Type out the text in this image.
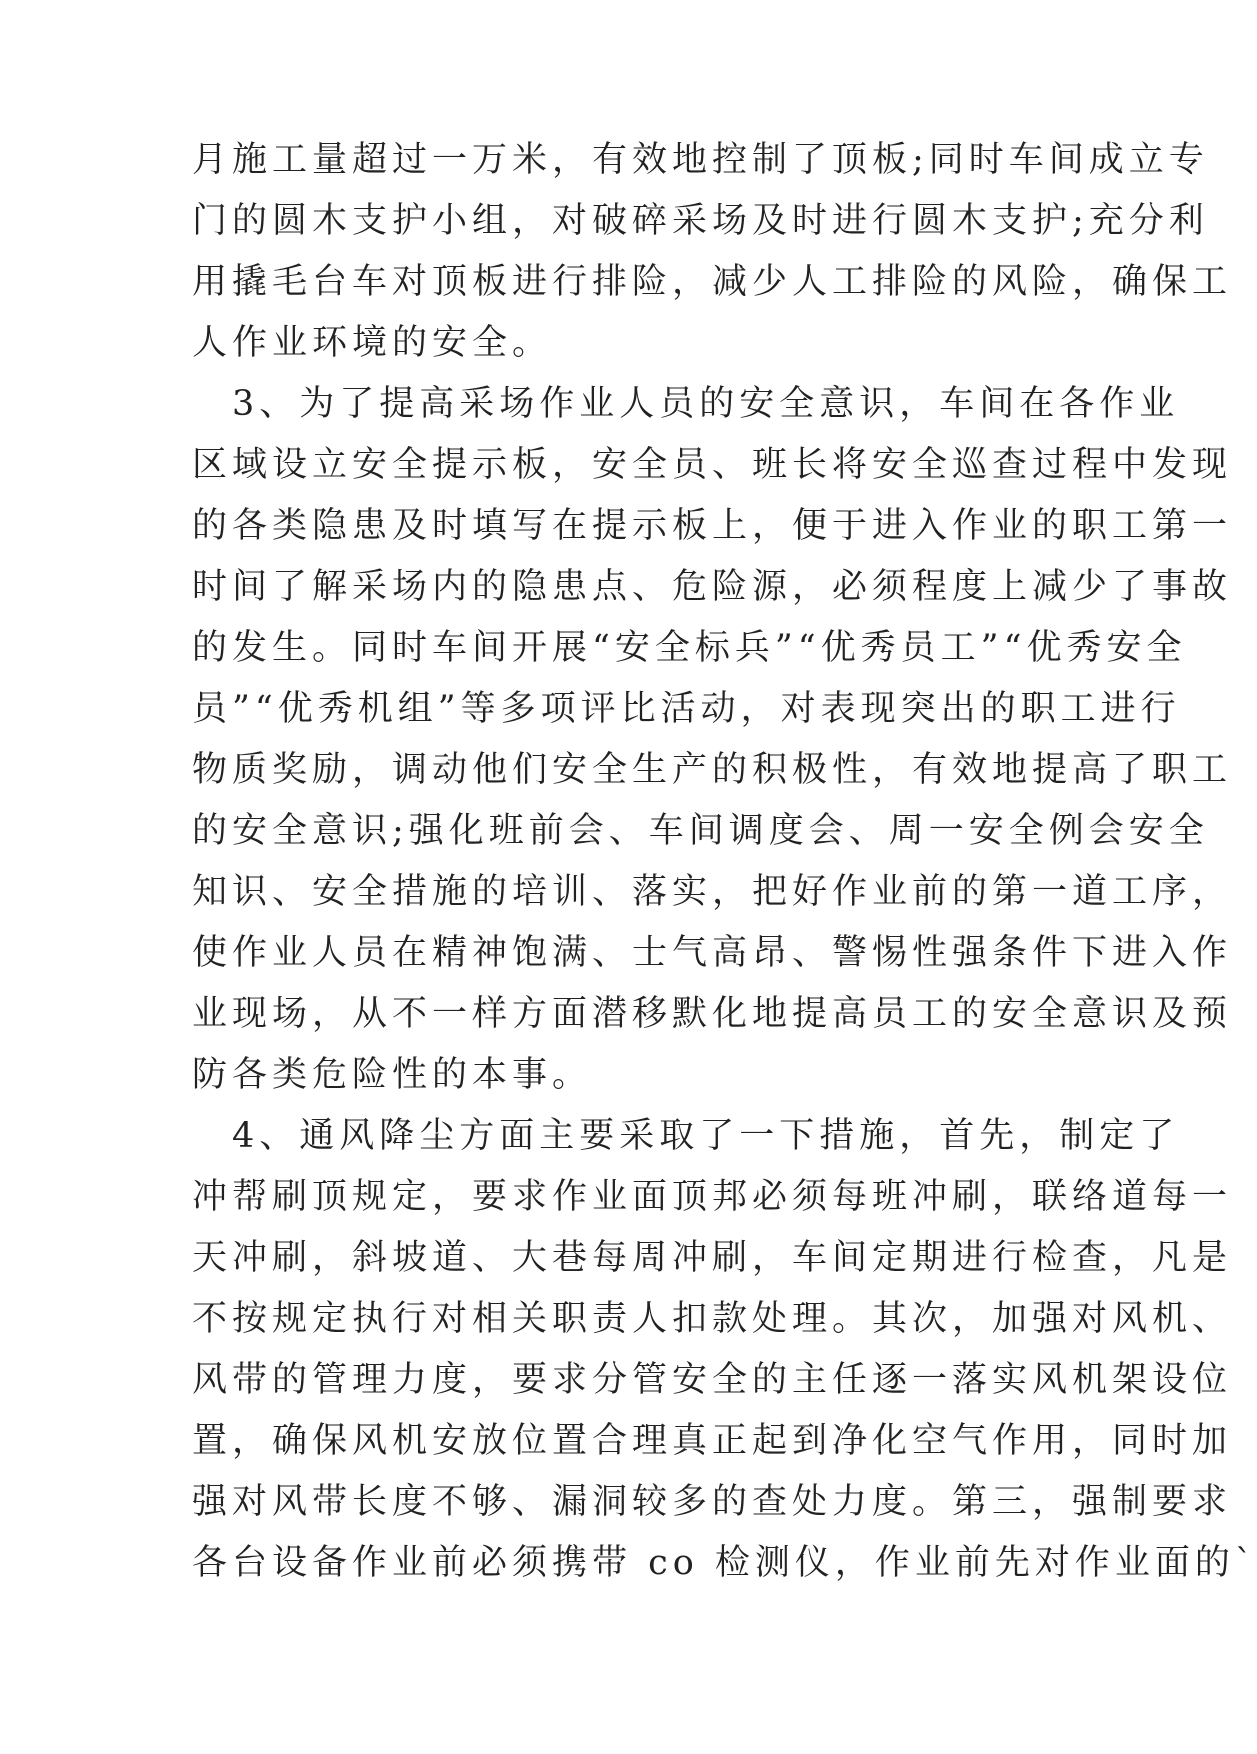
月施工量超过一万米，有效地控制了顶板;同时车间成立专
门的圆木支护小组，对破碎采场及时进行圆木支护;充分利
用撬毛台车对顶板进行排险，减少人工排险的风险，确保工
人作业环境的安全。
　3、为了提高采场作业人员的安全意识，车间在各作业
区域设立安全提示板，安全员、班长将安全巡查过程中发现
的各类隐患及时填写在提示板上，便于进入作业的职工第一
时间了解采场内的隐患点、危险源，必须程度上减少了事故
的发生。同时车间开展“安全标兵”“优秀员工”“优秀安全
员”“优秀机组”等多项评比活动，对表现突出的职工进行
物质奖励，调动他们安全生产的积极性，有效地提高了职工
的安全意识;强化班前会、车间调度会、周一安全例会安全
知识、安全措施的培训、落实，把好作业前的第一道工序，
使作业人员在精神饱满、士气高昂、警惕性强条件下进入作
业现场，从不一样方面潜移默化地提高员工的安全意识及预
防各类危险性的本事。
　4、通风降尘方面主要采取了一下措施，首先，制定了
冲帮刷顶规定，要求作业面顶邦必须每班冲刷，联络道每一
天冲刷，斜坡道、大巷每周冲刷，车间定期进行检查，凡是
不按规定执行对相关职责人扣款处理。其次，加强对风机、
风带的管理力度，要求分管安全的主任逐一落实风机架设位
置，确保风机安放位置合理真正起到净化空气作用，同时加
强对风带长度不够、漏洞较多的查处力度。第三，强制要求
各台设备作业前必须携带 co 检测仪，作业前先对作业面的`
